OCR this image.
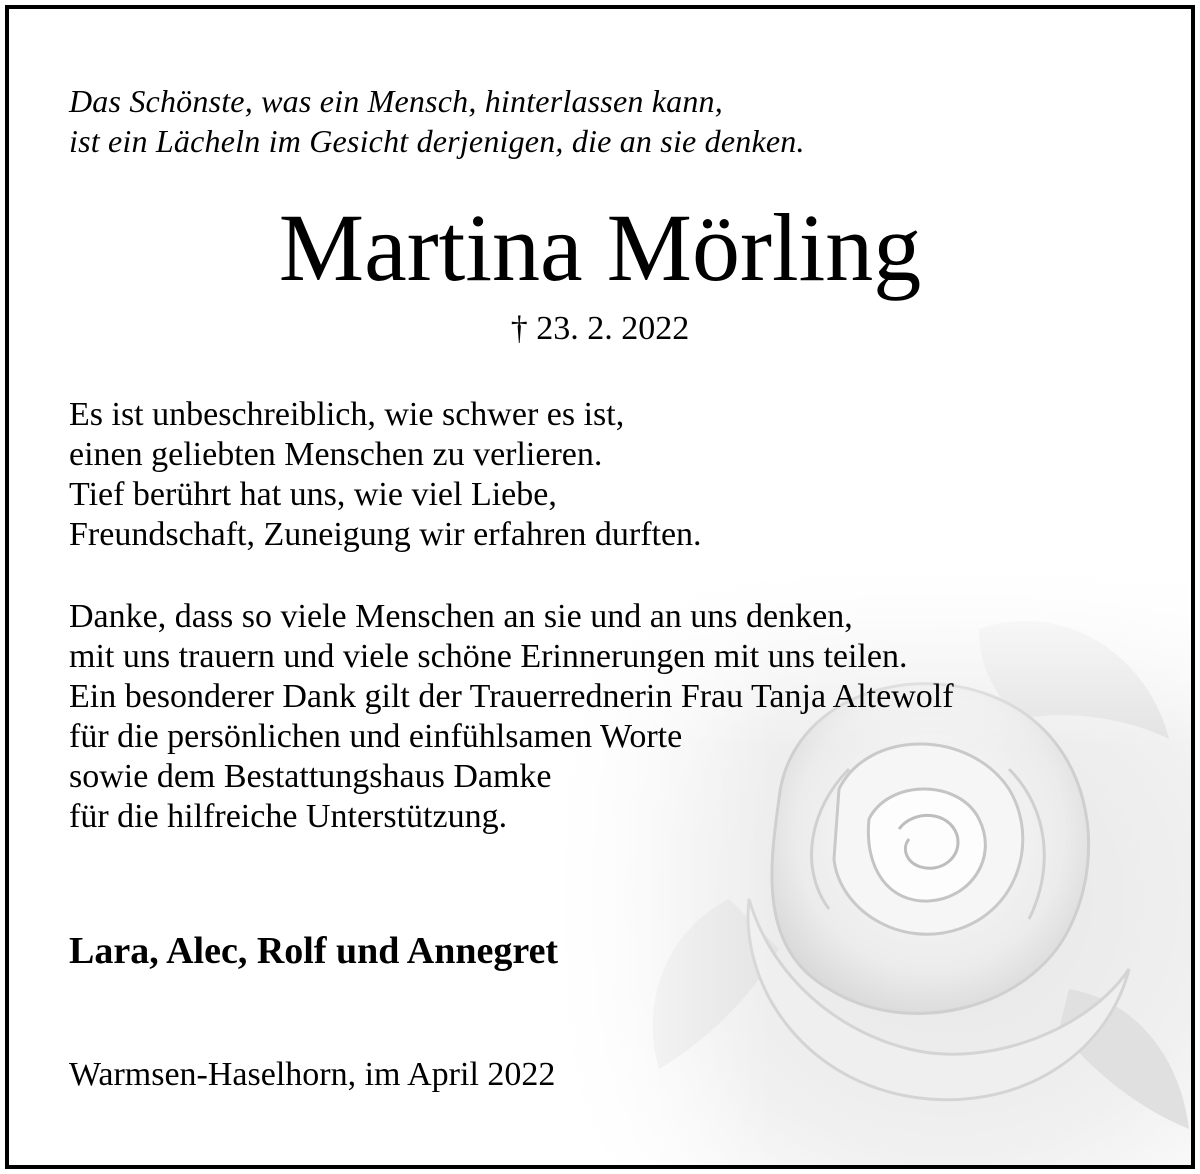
Das Schönste, was ein Mensch, hinterlassen kann,
ist ein Lächeln im Gesicht derjenigen, die an sie denken.

Martina Mörling

† 23. 2. 2022

Es ist unbeschreiblich, wie schwer es ist,
einen geliebten Menschen zu verlieren.
Tief berührt hat uns, wie viel Liebe,
Freundschaft, Zuneigung wir erfahren durften.

Danke, dass so viele Menschen an sie und an uns denken,
mit uns trauern und viele schöne Erinnerungen mit uns teilen.
Ein besonderer Dank gilt der Trauerrednerin Frau Tanja Altewolf
für die persönlichen und einfühlsamen Worte
sowie dem Bestattungshaus Damke
für die hilfreiche Unterstützung.

Lara, Alec, Rolf und Annegret

Warmsen-Haselhorn, im April 2022
